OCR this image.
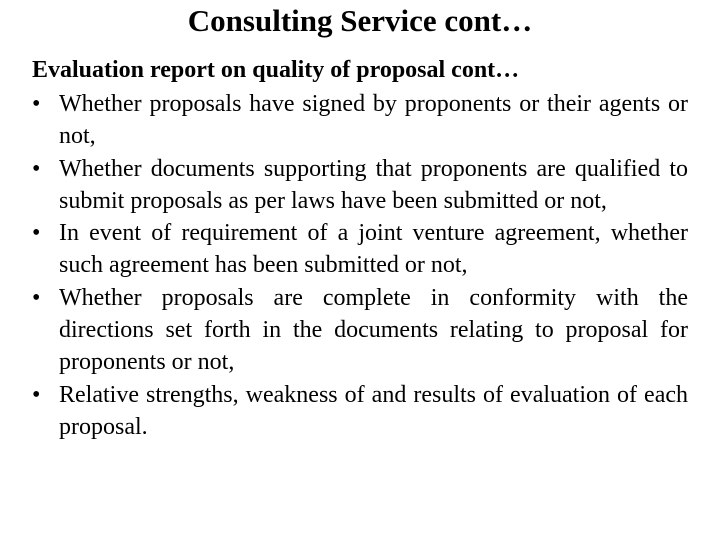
Consulting Service cont…
Evaluation report on quality of proposal cont…
• Whether proposals have signed by proponents or their agents or not,
• Whether documents supporting that proponents are qualified to submit proposals as per laws have been submitted or not,
• In event of requirement of a joint venture agreement, whether such agreement has been submitted or not,
• Whether proposals are complete in conformity with the directions set forth in the documents relating to proposal for proponents or not,
• Relative strengths, weakness of and results of evaluation of each proposal.
